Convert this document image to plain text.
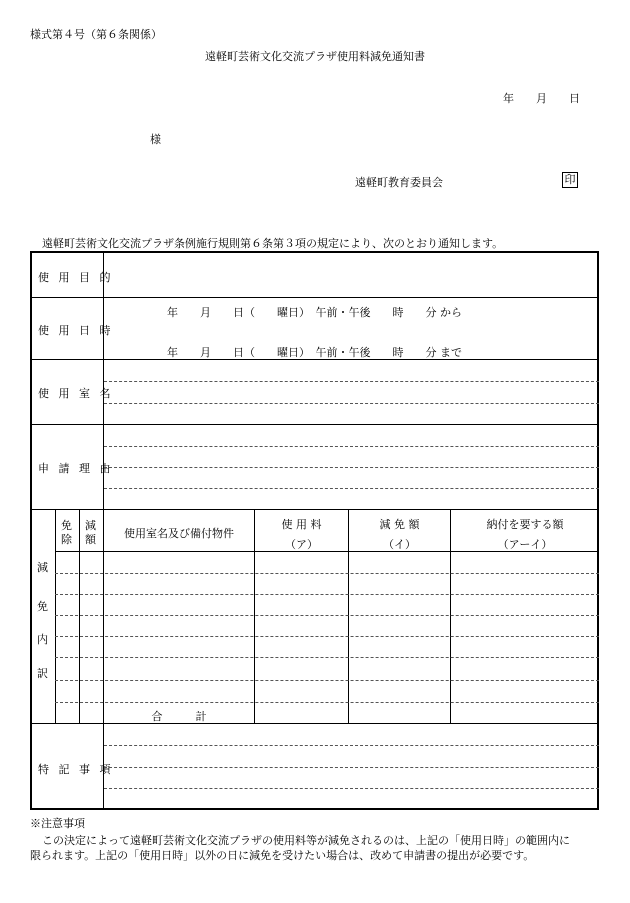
様式第４号（第６条関係）
遠軽町芸術文化交流プラザ使用料減免通知書
年　　月　　日
様
遠軽町教育委員会	印
遠軽町芸術文化交流プラザ条例施行規則第６条第３項の規定により、次のとおり通知します。
使 用 目 的
使 用 日 時
年　　月　　日（　　曜日）　午前・午後　　時　　分 から
年　　月　　日（　　曜日）　午前・午後　　時　　分 まで
使 用 室 名
申 請 理 由
減
免
内
訳
免
除
減
額	使用室名及び備付物件
使 用 料
（ア）
減 免 額
（イ）
納付を要する額
（アーイ）
合　　　計
特 記 事 項
※注意事項
この決定によって遠軽町芸術文化交流プラザの使用料等が減免されるのは、上記の「使用日時」の範囲内に
限られます。上記の「使用日時」以外の日に減免を受けたい場合は、改めて申請書の提出が必要です。
